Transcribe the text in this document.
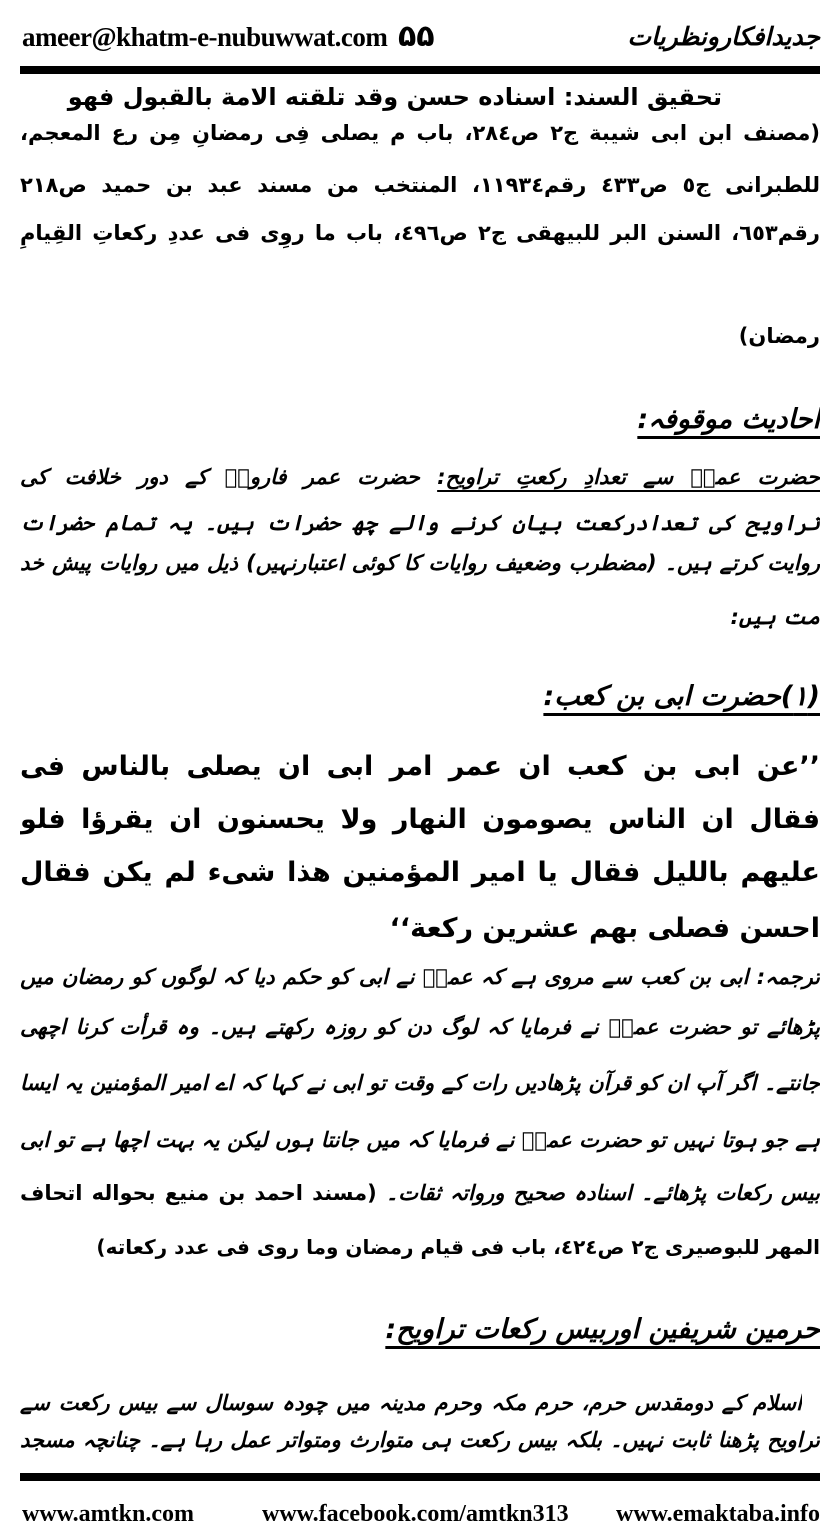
ameer@khatm-e-nubuwwat.com ۵۵	جدیدافکارونظریات
تحقیق السند: اسناده حسن وقد تلقته الامة بالقبول فهو
(مصنف ابن ابی شیبة ج٢ ص٢٨٤، باب م یصلی فِی رمضانِ مِن رع المعجم،
للطبرانی ج٥ ص٤٣٣ رقم١١٩٣٤، المنتخب من مسند عبد بن حمید ص٢١٨
رقم٦٥٣، السنن البر للبیهقی ج٢ ص٤٩٦، باب ما روِی فی عددِ رکعاتِ القِیامِ
رمضان)
احادیث موقوفہ:
حضرت عمرؓ سے تعدادِ رکعتِ تراویح: حضرت عمر فاروقؓ کے دور خلافت کی
تراویح کی تعدادرکعت بیان کرنے والے چھ حضرات ہیں۔ یہ تمام حضرات
روایت کرتے ہیں۔ (مضطرب وضعیف روایات کا کوئی اعتبارنہیں) ذیل میں روایات پیش خد
مت ہیں:
(۱)حضرت ابی بن کعب:
’’عن ابی بن کعب ان عمر امر ابی ان یصلی بالناس فی
فقال ان الناس یصومون النهار ولا یحسنون ان یقرؤا فلو
علیهم باللیل فقال یا امیر المؤمنین هذا شیء لم یکن فقال
احسن فصلی بهم عشرین رکعة‘‘
ترجمہ: ابی بن کعب سے مروی ہے کہ عمرؓ نے ابی کو حکم دیا کہ لوگوں کو رمضان میں
پڑھائے تو حضرت عمرؓ نے فرمایا کہ لوگ دن کو روزہ رکھتے ہیں۔ وہ قرأت کرنا اچھی
جانتے۔ اگر آپ ان کو قرآن پڑھادیں رات کے وقت تو ابی نے کہا کہ اے امیر المؤمنین یہ ایسا
ہے جو ہوتا نہیں تو حضرت عمرؓ نے فرمایا کہ میں جانتا ہوں لیکن یہ بہت اچھا ہے تو ابی
بیس رکعات پڑھائے۔ اسنادہ صحیح ورواتہ ثقات۔ (مسند احمد بن منیع بحواله اتحاف
المهر للبوصیری ج٢ ص٤٢٤، باب فی قیام رمضان وما روی فی عدد رکعاته)
حرمین شریفین اوربیس رکعات تراویح:
اسلام کے دومقدس حرم، حرم مکہ وحرم مدینہ میں چودہ سوسال سے بیس رکعت سے
تراویح پڑھنا ثابت نہیں۔ بلکہ بیس رکعت ہی متوارث ومتواتر عمل رہا ہے۔ چنانچہ مسجد
www.amtkn.com	www.facebook.com/amtkn313 www.emaktaba.info
